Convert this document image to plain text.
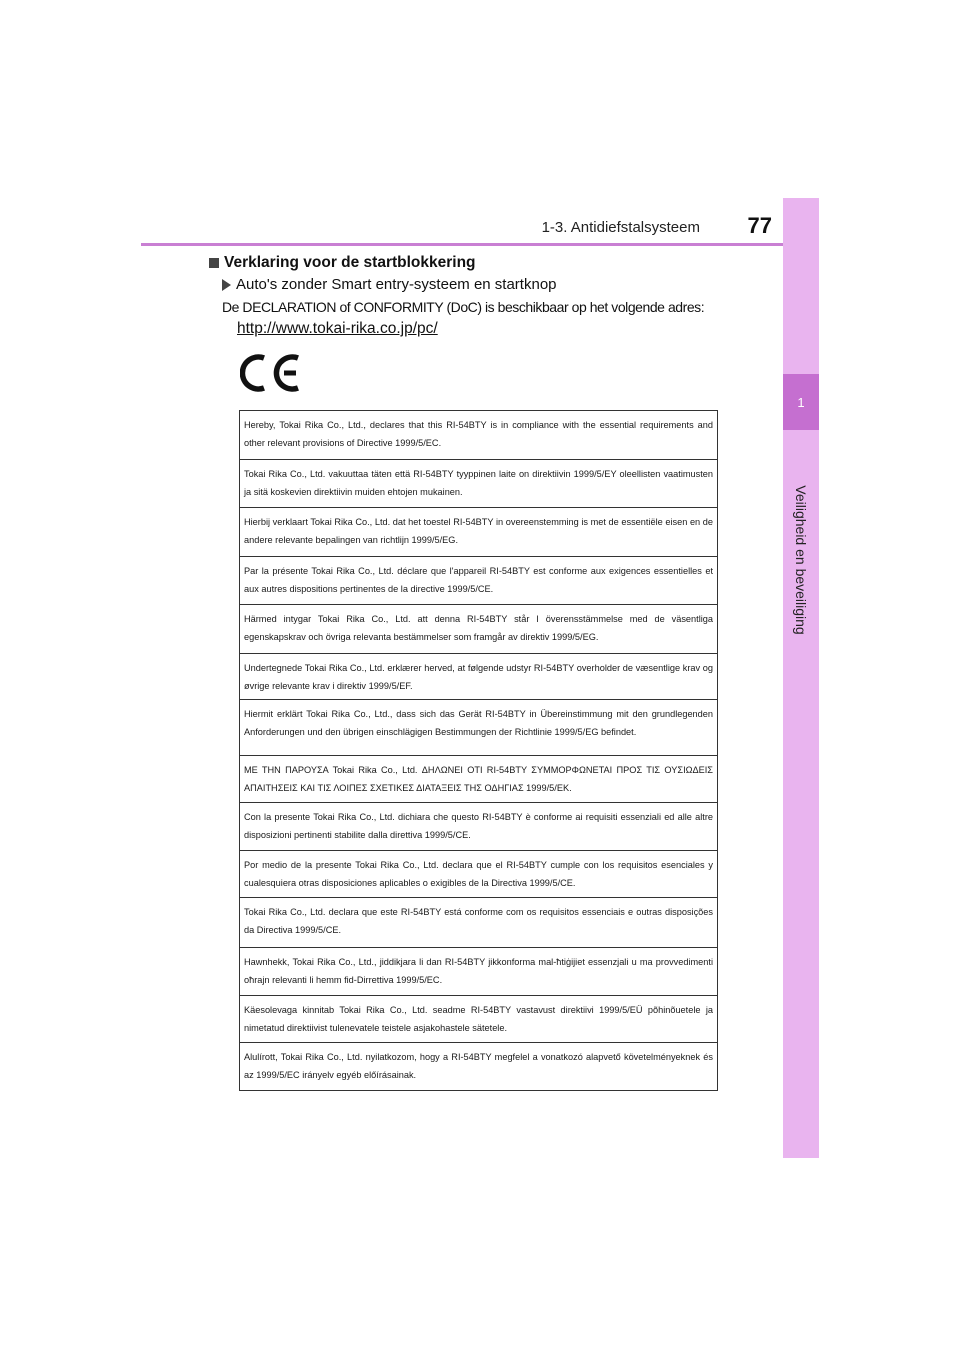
1-3. Antidiefstalsysteem	77
1
Veiligheid en beveiliging
Verklaring voor de startblokkering
Auto's zonder Smart entry-systeem en startknop
De DECLARATION of CONFORMITY (DoC) is beschikbaar op het volgende adres:
http://www.tokai-rika.co.jp/pc/
Hereby, Tokai Rika Co., Ltd., declares that this RI-54BTY is in compliance with the essential requirements and other relevant provisions of Directive 1999/5/EC.
Tokai Rika Co., Ltd. vakuuttaa täten että RI-54BTY tyyppinen laite on direktiivin 1999/5/EY oleellisten vaatimusten ja sitä koskevien direktiivin muiden ehtojen mukainen.
Hierbij verklaart Tokai Rika Co., Ltd. dat het toestel RI-54BTY in overeenstemming is met de essentiële eisen en de andere relevante bepalingen van richtlijn 1999/5/EG.
Par la présente Tokai Rika Co., Ltd. déclare que l'appareil RI-54BTY est conforme aux exigences essentielles et aux autres dispositions pertinentes de la directive 1999/5/CE.
Härmed intygar Tokai Rika Co., Ltd. att denna RI-54BTY står I överensstämmelse med de väsentliga egenskapskrav och övriga relevanta bestämmelser som framgår av direktiv 1999/5/EG.
Undertegnede Tokai Rika Co., Ltd. erklærer herved, at følgende udstyr RI-54BTY overholder de væsentlige krav og øvrige relevante krav i direktiv 1999/5/EF.
Hiermit erklärt Tokai Rika Co., Ltd., dass sich das Gerät RI-54BTY in Übereinstimmung mit den grundlegenden Anforderungen und den übrigen einschlägigen Bestimmungen der Richtlinie 1999/5/EG befindet.
ΜΕ ΤΗΝ ΠΑΡΟΥΣΑ Tokai Rika Co., Ltd. ΔΗΛΩΝΕΙ ΟΤΙ RI-54BTY ΣΥΜΜΟΡΦΩΝΕΤΑΙ ΠΡΟΣ ΤΙΣ ΟΥΣΙΩΔΕΙΣ ΑΠΑΙΤΗΣΕΙΣ ΚΑΙ ΤΙΣ ΛΟΙΠΕΣ ΣΧΕΤΙΚΕΣ ΔΙΑΤΑΞΕΙΣ ΤΗΣ ΟΔΗΓΙΑΣ 1999/5/ΕΚ.
Con la presente Tokai Rika Co., Ltd. dichiara che questo RI-54BTY è conforme ai requisiti essenziali ed alle altre disposizioni pertinenti stabilite dalla direttiva 1999/5/CE.
Por medio de la presente Tokai Rika Co., Ltd. declara que el RI-54BTY cumple con los requisitos esenciales y cualesquiera otras disposiciones aplicables o exigibles de la Directiva 1999/5/CE.
Tokai Rika Co., Ltd. declara que este RI-54BTY está conforme com os requisitos essenciais e outras disposições da Directiva 1999/5/CE.
Hawnhekk, Tokai Rika Co., Ltd., jiddikjara li dan RI-54BTY jikkonforma mal-ħtiġijiet essenzjali u ma provvedimenti oħrajn relevanti li hemm fid-Dirrettiva 1999/5/EC.
Käesolevaga kinnitab Tokai Rika Co., Ltd. seadme RI-54BTY vastavust direktiivi 1999/5/EÜ põhinõuetele ja nimetatud direktiivist tulenevatele teistele asjakohastele sätetele.
Alulírott, Tokai Rika Co., Ltd. nyilatkozom, hogy a RI-54BTY megfelel a vonatkozó alapvető követelményeknek és az 1999/5/EC irányelv egyéb előírásainak.
